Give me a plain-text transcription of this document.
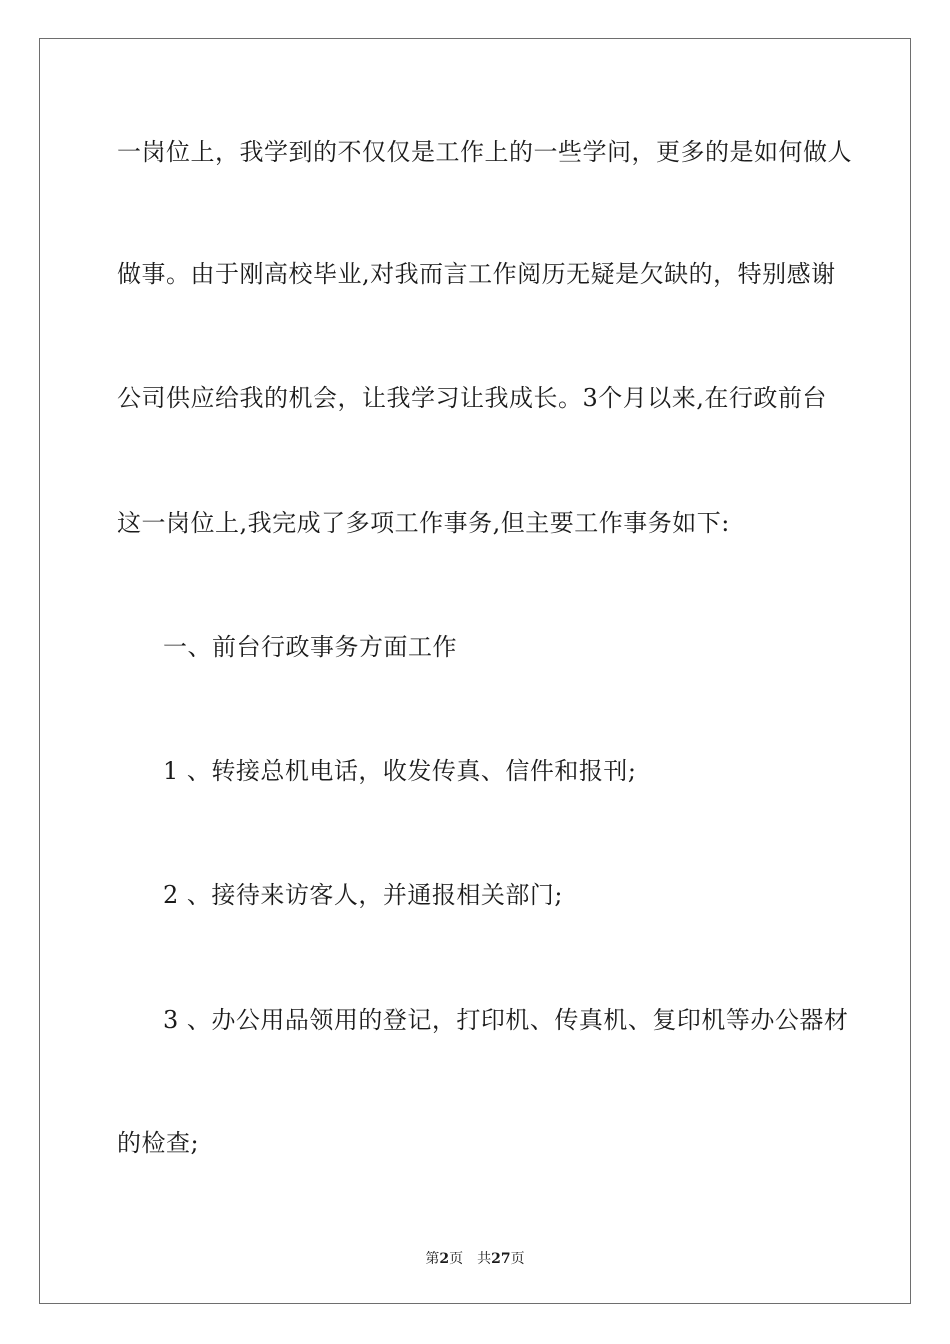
一岗位上，我学到的不仅仅是工作上的一些学问，更多的是如何做人
做事。由于刚高校毕业,对我而言工作阅历无疑是欠缺的，特别感谢
公司供应给我的机会，让我学习让我成长。3个月以来,在行政前台
这一岗位上,我完成了多项工作事务,但主要工作事务如下:
一、前台行政事务方面工作
1 、转接总机电话，收发传真、信件和报刊;
2 、接待来访客人，并通报相关部门;
3 、办公用品领用的登记，打印机、传真机、复印机等办公器材
的检查;
第2页 共27页
